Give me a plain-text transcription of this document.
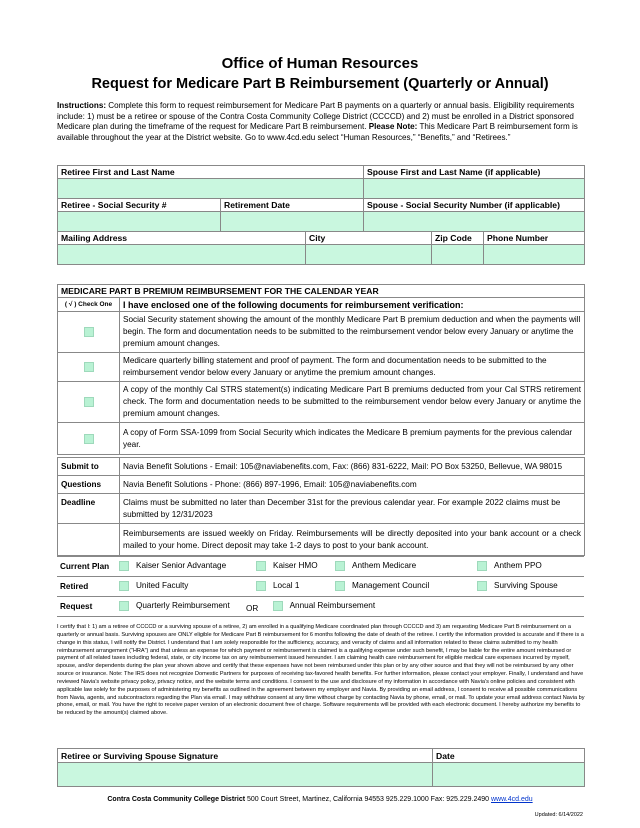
Office of Human Resources
Request for Medicare Part B Reimbursement (Quarterly or Annual)
Instructions: Complete this form to request reimbursement for Medicare Part B payments on a quarterly or annual basis. Eligibility requirements include: 1) must be a retiree or spouse of the Contra Costa Community College District (CCCCD) and 2) must be enrolled in a District sponsored Medicare plan during the timeframe of the request for Medicare Part B reimbursement. Please Note: This Medicare Part B reimbursement form is available throughout the year at the District website. Go to www.4cd.edu select “Human Resources,” “Benefits,” and “Retirees.”
Retiree First and Last Name			Spouse First and Last Name (if applicable)		

Retiree - Social Security #	Retirement Date		Spouse - Social Security Number (if applicable)		

Mailing Address		City		Zip Code	Phone Number

MEDICARE PART B PREMIUM REIMBURSEMENT FOR THE CALENDAR YEAR	
( √ ) Check One	I have enclosed one of the following documents for reimbursement verification:
	Social Security statement showing the amount of the monthly Medicare Part B premium deduction and when the payments will begin. The form and documentation needs to be submitted to the reimbursement vendor below every January or anytime the premium amount changes.
	Medicare quarterly billing statement and proof of payment. The form and documentation needs to be submitted to the reimbursement vendor below every January or anytime the premium amount changes.
	A copy of the monthly Cal STRS statement(s) indicating Medicare Part B premiums deducted from your Cal STRS retirement check. The form and documentation needs to be submitted to the reimbursement vendor below every January or anytime the premium amount changes.
	A copy of Form SSA-1099 from Social Security which indicates the Medicare B premium payments for the previous calendar year.
Submit to	Navia Benefit Solutions - Email: 105@naviabenefits.com, Fax: (866) 831-6222, Mail: PO Box 53250, Bellevue, WA 98015
Questions	Navia Benefit Solutions - Phone: (866) 897-1996, Email: 105@naviabenefits.com
Deadline	Claims must be submitted no later than December 31st for the previous calendar year. For example 2022 claims must be submitted by 12/31/2023
	Reimbursements are issued weekly on Friday. Reimbursements will be directly deposited into your bank account or a check mailed to your home. Direct deposit may take 1-2 days to post to your bank account.
Current Plan	Kaiser Senior Advantage	Kaiser HMO	Anthem Medicare	Anthem PPO

Retired	United Faculty	Local 1	Management Council	Surviving Spouse

Request	Quarterly Reimbursement OR Annual Reimbursement			
I certify that I: 1) am a retiree of CCCCD or a surviving spouse of a retiree, 2) am enrolled in a qualifying Medicare coordinated plan through CCCCD and 3) am requesting Medicare Part B reimbursement on a quarterly or annual basis. Surviving spouses are ONLY eligible for Medicare Part B reimbursement for 6 months following the date of death of the retiree. I certify the information provided is accurate and if there is a change in this status, I will notify the District. I understand that I am solely responsible for the sufficiency, accuracy, and veracity of claims and all information related to these claims submitted to my health reimbursement arrangement (“HRA”) and that unless an expense for which payment or reimbursement is claimed is a qualifying expense under such benefit, I may be liable for the entire amount reimbursed or payment of all related taxes including federal, state, or city income tax on any reimbursement issued hereunder. I am claiming health care reimbursement for eligible medical care expenses incurred by myself, spouse, and/or dependents during the plan year shown above and certify that these expenses have not been reimbursed under this plan or by any other source and that they will not be reimbursed by any other source or insurance. Note: The IRS does not recognize Domestic Partners for purposes of receiving tax-favored health benefits. For further information, please contact your employer. Finally, I understand and have reviewed Navia’s website privacy policy, privacy notice, and the website terms and conditions. I consent to the use and disclosure of my information in accordance with Navia’s online policies and consistent with applicable law solely for the purposes of administering my benefits as outlined in the agreement between my employer and Navia. By providing an email address, I consent to receive all possible communications from Navia, agents, and subcontractors regarding the Plan via email. I may withdraw consent at any time without charge by contacting Navia by phone, email, or mail. To update your email address contact Navia by phone, email, or mail. You have the right to receive paper version of an electronic document free of charge. Software requirements will be provided with each electronic document. I hereby authorize my benefits to be reduced by the amount(s) claimed above.
Retiree or Surviving Spouse Signature	Date

Contra Costa Community College District 500 Court Street, Martinez, California 94553 925.229.1000 Fax: 925.229.2490 www.4cd.edu
Updated: 6/14/2022
